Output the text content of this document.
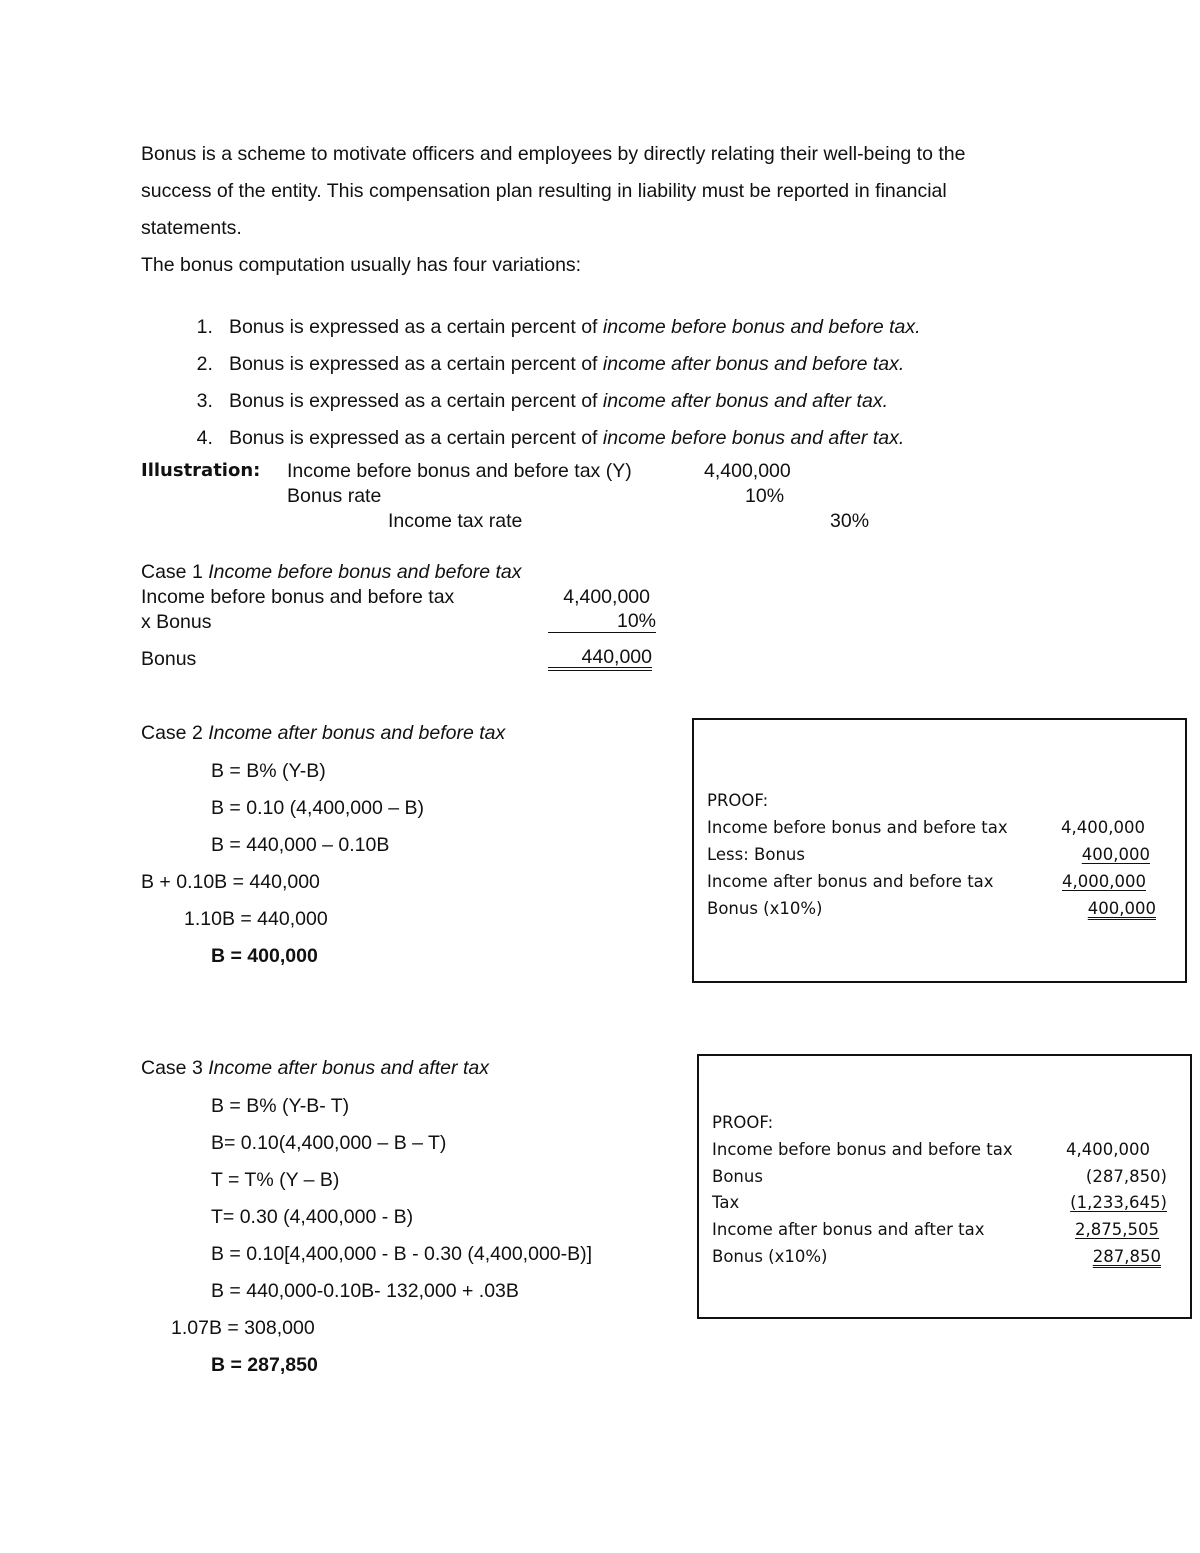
Bonus is a scheme to motivate officers and employees by directly relating their well-being to the
success of the entity. This compensation plan resulting in liability must be reported in financial
statements.
The bonus computation usually has four variations:

1. Bonus is expressed as a certain percent of income before bonus and before tax.

2. Bonus is expressed as a certain percent of income after bonus and before tax.

3. Bonus is expressed as a certain percent of income after bonus and after tax.

4. Bonus is expressed as a certain percent of income before bonus and after tax.

Illustration: Income before bonus and before tax (Y)	4,400,000
Bonus rate	10%
Income tax rate	30%
Case 1 Income before bonus and before tax
Income before bonus and before tax	4,400,000
x Bonus	10%
Bonus	440,000
Case 2 Income after bonus and before tax
B = B% (Y-B)
B = 0.10 (4,400,000 – B)
B = 440,000 – 0.10B
B + 0.10B = 440,000
1.10B = 440,000
B = 400,000
PROOF:
Income before bonus and before tax	4,400,000
Less: Bonus	400,000
Income after bonus and before tax	4,000,000
Bonus (x10%)	400,000
Case 3 Income after bonus and after tax
B = B% (Y-B- T)
B= 0.10(4,400,000 – B – T)
T = T% (Y – B)
T= 0.30 (4,400,000 - B)
B = 0.10[4,400,000 - B - 0.30 (4,400,000-B)]
B = 440,000-0.10B- 132,000 + .03B
1.07B = 308,000
B = 287,850
PROOF:
Income before bonus and before tax	4,400,000
Bonus	(287,850)
Tax	(1,233,645)
Income after bonus and after tax	2,875,505
Bonus (x10%)	287,850
